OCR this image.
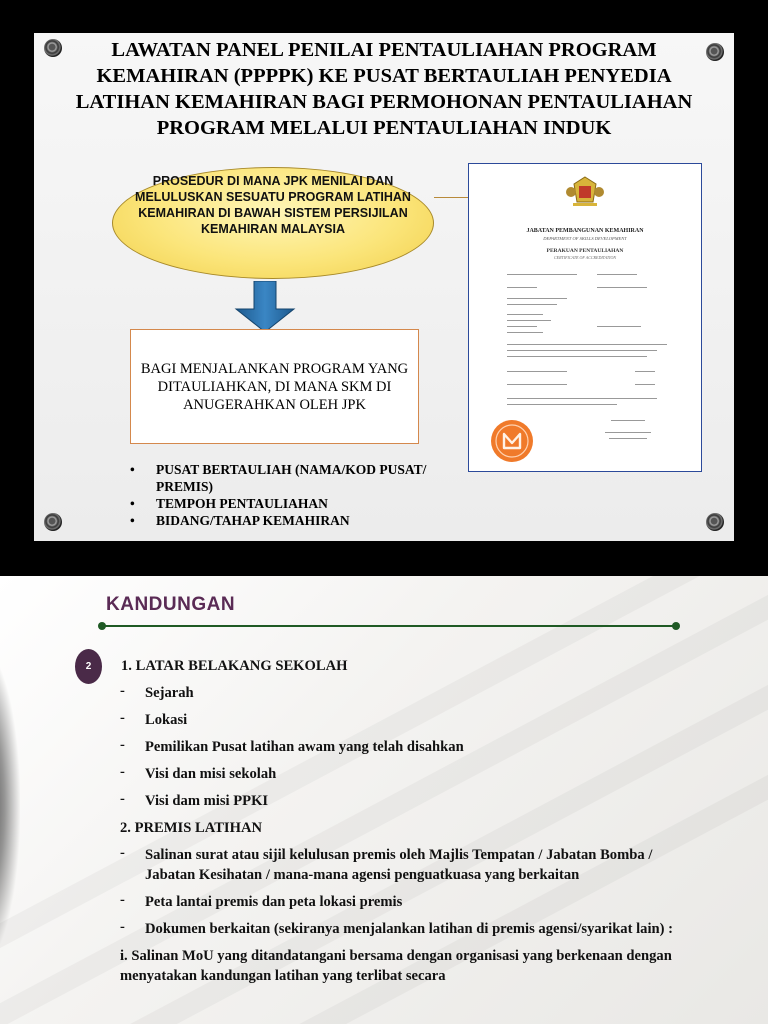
LAWATAN PANEL PENILAI PENTAULIAHAN PROGRAM KEMAHIRAN (PPPPK) KE PUSAT BERTAULIAH PENYEDIA LATIHAN KEMAHIRAN BAGI PERMOHONAN PENTAULIAHAN PROGRAM MELALUI PENTAULIAHAN INDUK
PROSEDUR DI MANA JPK MENILAI DAN MELULUSKAN SESUATU PROGRAM LATIHAN KEMAHIRAN DI BAWAH SISTEM PERSIJILAN KEMAHIRAN MALAYSIA
BAGI MENJALANKAN PROGRAM YANG DITAULIAHKAN, DI MANA SKM DI ANUGERAHKAN OLEH JPK
• PUSAT BERTAULIAH (NAMA/KOD PUSAT/ PREMIS)
• TEMPOH PENTAULIAHAN
• BIDANG/TAHAP KEMAHIRAN
JABATAN PEMBANGUNAN KEMAHIRAN
DEPARTMENT OF SKILLS DEVELOPMENT
PERAKUAN PENTAULIAHAN
CERTIFICATE OF ACCREDITATION
KANDUNGAN
2	1. LATAR BELAKANG SEKOLAH
- Sejarah
- Lokasi
- Pemilikan Pusat latihan awam yang telah disahkan
- Visi dan misi sekolah
- Visi dam misi PPKI
2. PREMIS LATIHAN
- Salinan surat atau sijil kelulusan premis oleh Majlis Tempatan / Jabatan Bomba / Jabatan Kesihatan / mana-mana agensi penguatkuasa yang berkaitan
- Peta lantai premis dan peta lokasi premis
- Dokumen berkaitan (sekiranya menjalankan latihan di premis agensi/syarikat lain) :
i. Salinan MoU yang ditandatangani bersama dengan organisasi yang berkenaan dengan menyatakan kandungan latihan yang terlibat secara
